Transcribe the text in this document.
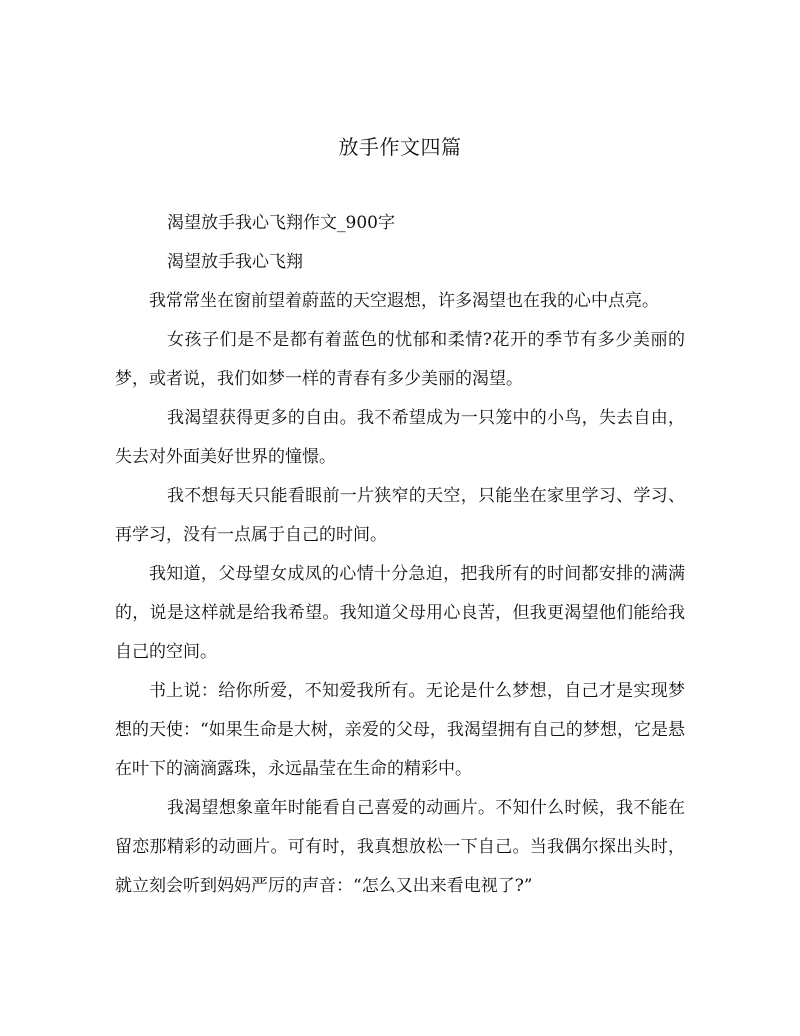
放手作文四篇

渴望放手我心飞翔作文_900字

渴望放手我心飞翔

我常常坐在窗前望着蔚蓝的天空遐想，许多渴望也在我的心中点亮。

女孩子们是不是都有着蓝色的忧郁和柔情?花开的季节有多少美丽的梦，或者说，我们如梦一样的青春有多少美丽的渴望。

我渴望获得更多的自由。我不希望成为一只笼中的小鸟，失去自由，失去对外面美好世界的憧憬。

我不想每天只能看眼前一片狭窄的天空，只能坐在家里学习、学习、再学习，没有一点属于自己的时间。

我知道，父母望女成凤的心情十分急迫，把我所有的时间都安排的满满的，说是这样就是给我希望。我知道父母用心良苦，但我更渴望他们能给我自己的空间。

书上说：给你所爱，不知爱我所有。无论是什么梦想，自己才是实现梦想的天使：“如果生命是大树，亲爱的父母，我渴望拥有自己的梦想，它是悬在叶下的滴滴露珠，永远晶莹在生命的精彩中。

我渴望想象童年时能看自己喜爱的动画片。不知什么时候，我不能在留恋那精彩的动画片。可有时，我真想放松一下自己。当我偶尔探出头时，就立刻会听到妈妈严厉的声音：“怎么又出来看电视了?”
